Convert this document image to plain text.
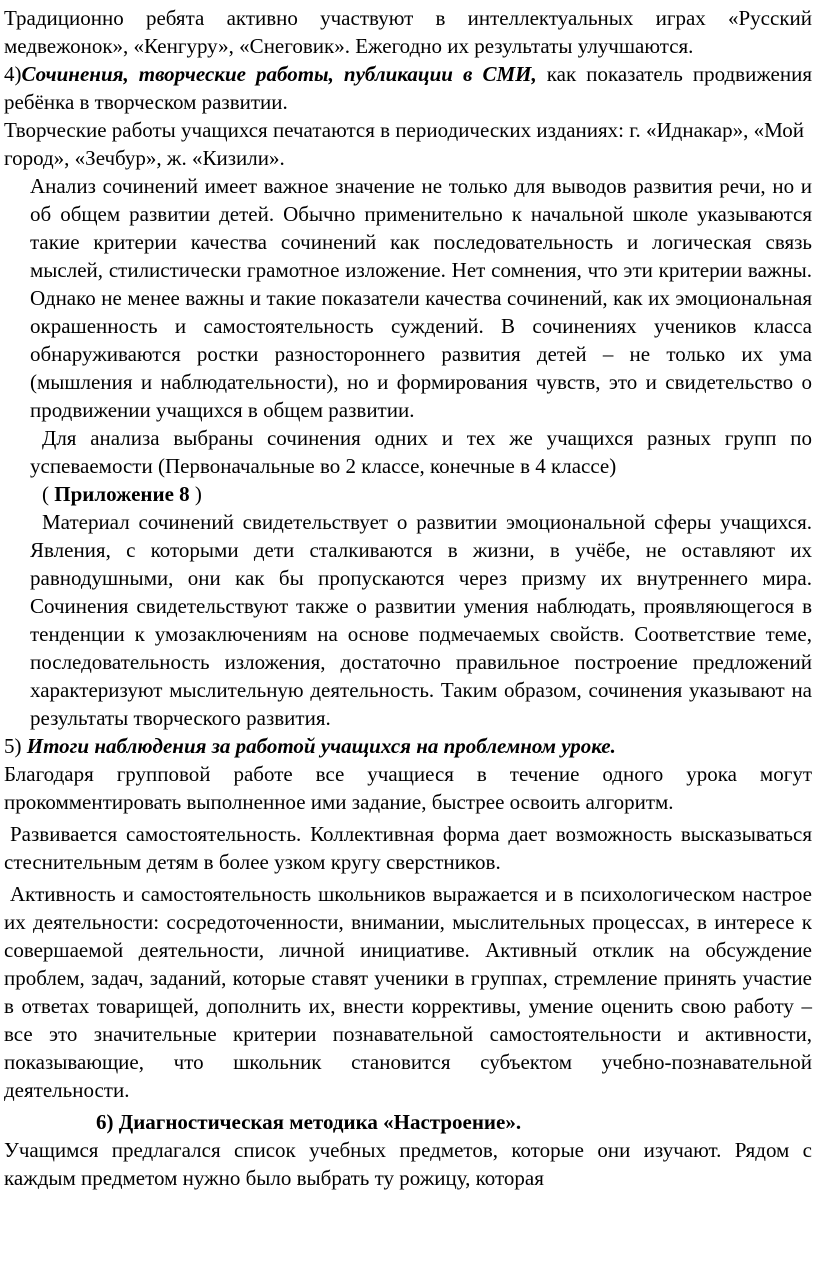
Традиционно ребята активно участвуют в интеллектуальных играх «Русский медвежонок», «Кенгуру», «Снеговик». Ежегодно их результаты улучшаются.

4)Сочинения, творческие работы, публикации в СМИ, как показатель продвижения ребёнка в творческом развитии.

Творческие работы учащихся печатаются в периодических изданиях: г. «Иднакар», «Мой город», «Зечбур», ж. «Кизили».

Анализ сочинений имеет важное значение не только для выводов развития речи, но и об общем развитии детей. Обычно применительно к начальной школе указываются такие критерии качества сочинений как последовательность и логическая связь мыслей, стилистически грамотное изложение. Нет сомнения, что эти критерии важны. Однако не менее важны и такие показатели качества сочинений, как их эмоциональная окрашенность и самостоятельность суждений. В сочинениях учеников класса обнаруживаются ростки разностороннего развития детей – не только их ума (мышления и наблюдательности), но и формирования чувств, это и свидетельство о продвижении учащихся в общем развитии.

Для анализа выбраны сочинения одних и тех же учащихся разных групп по успеваемости (Первоначальные во 2 классе, конечные в 4 классе)

( Приложение 8 )

Материал сочинений свидетельствует о развитии эмоциональной сферы учащихся. Явления, с которыми дети сталкиваются в жизни, в учёбе, не оставляют их равнодушными, они как бы пропускаются через призму их внутреннего мира. Сочинения свидетельствуют также о развитии умения наблюдать, проявляющегося в тенденции к умозаключениям на основе подмечаемых свойств. Соответствие теме, последовательность изложения, достаточно правильное построение предложений характеризуют мыслительную деятельность. Таким образом, сочинения указывают на результаты творческого развития.

5) Итоги наблюдения за работой учащихся на проблемном уроке.

Благодаря групповой работе все учащиеся в течение одного урока могут прокомментировать выполненное ими задание, быстрее освоить алгоритм.

Развивается самостоятельность. Коллективная форма дает возможность высказываться стеснительным детям в более узком кругу сверстников.

Активность и самостоятельность школьников выражается и в психологическом настрое их деятельности: сосредоточенности, внимании, мыслительных процессах, в интересе к совершаемой деятельности, личной инициативе. Активный отклик на обсуждение проблем, задач, заданий, которые ставят ученики в группах, стремление принять участие в ответах товарищей, дополнить их, внести коррективы, умение оценить свою работу – все это значительные критерии познавательной самостоятельности и активности, показывающие, что школьник становится субъектом учебно-познавательной деятельности.

6) Диагностическая методика «Настроение».

Учащимся предлагался список учебных предметов, которые они изучают. Рядом с каждым предметом нужно было выбрать ту рожицу, которая
